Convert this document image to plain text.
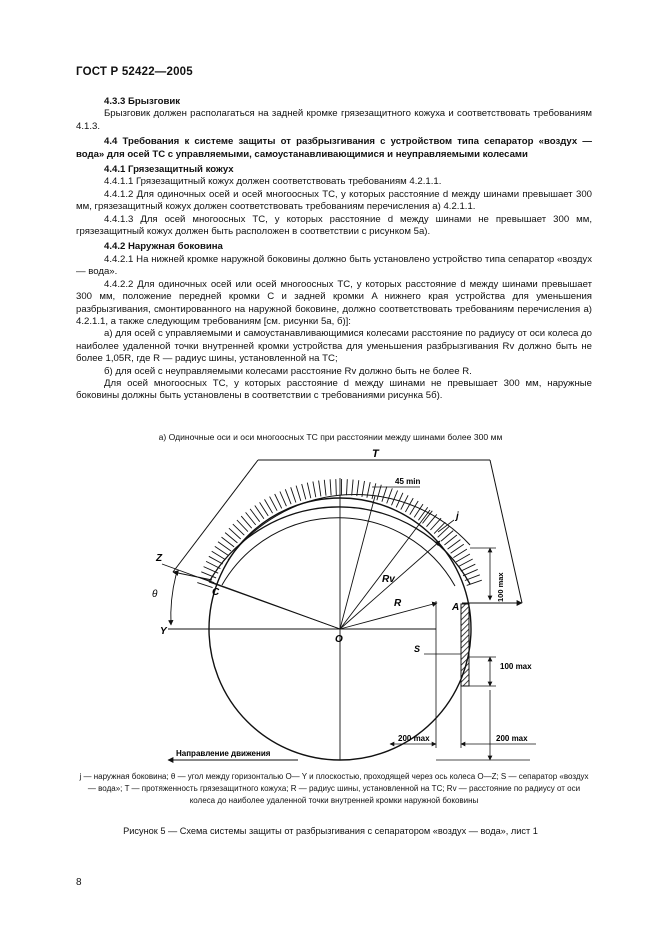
ГОСТ Р 52422—2005

4.3.3 Брызговик

Брызговик должен располагаться на задней кромке грязезащитного кожуха и соответствовать требованиям 4.1.3.

4.4 Требования к системе защиты от разбрызгивания с устройством типа сепаратор «воздух — вода» для осей ТС с управляемыми, самоустанавливающимися и неуправляемыми колесами

4.4.1 Грязезащитный кожух

4.4.1.1 Грязезащитный кожух должен соответствовать требованиям 4.2.1.1.

4.4.1.2 Для одиночных осей и осей многоосных ТС, у которых расстояние d между шинами превышает 300 мм, грязезащитный кожух должен соответствовать требованиям перечисления а) 4.2.1.1.

4.4.1.3 Для осей многоосных ТС, у которых расстояние d между шинами не превышает 300 мм, грязезащитный кожух должен быть расположен в соответствии с рисунком 5а).

4.4.2 Наружная боковина

4.4.2.1 На нижней кромке наружной боковины должно быть установлено устройство типа сепаратор «воздух — вода».

4.4.2.2 Для одиночных осей или осей многоосных ТС, у которых расстояние d между шинами превышает 300 мм, положение передней кромки C и задней кромки A нижнего края устройства для уменьшения разбрызгивания, смонтированного на наружной боковине, должно соответствовать требованиям перечисления а) 4.2.1.1, а также следующим требованиям [см. рисунки 5а, б)]:

а) для осей с управляемыми и самоустанавливающимися колесами расстояние по радиусу от оси колеса до наиболее удаленной точки внутренней кромки устройства для уменьшения разбрызгивания Rv должно быть не более 1,05R, где R — радиус шины, установленной на ТС;

б) для осей с неуправляемыми колесами расстояние Rv должно быть не более R.

Для осей многоосных ТС, у которых расстояние d между шинами не превышает 300 мм, наружные боковины должны быть установлены в соответствии с требованиями рисунка 5б).

а) Одиночные оси и оси многоосных ТС при расстоянии между шинами более 300 мм
T
45 min
j
Z
θ	C
Rv
R	A
Y
O
S
100 max
100 max
200 max	200 max
Направление движения
j — наружная боковина; θ — угол между горизонталью O— Y и плоскостью, проходящей через ось колеса O—Z; S — сепаратор «воздух — вода»; T — протяженность грязезащитного кожуха; R — радиус шины, установленной на ТС; Rv — расстояние по радиусу от оси колеса до наиболее удаленной точки внутренней кромки наружной боковины
Рисунок 5 — Схема системы защиты от разбрызгивания с сепаратором «воздух — вода», лист 1
8
